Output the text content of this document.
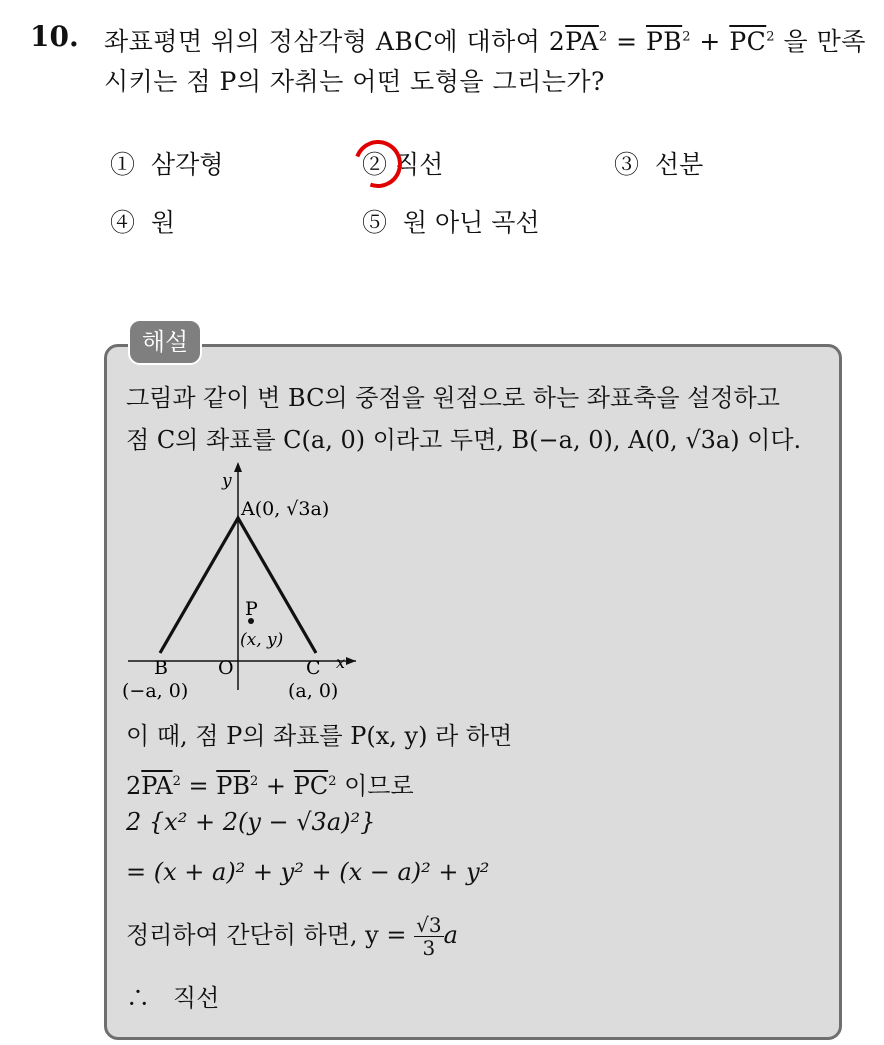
10. 좌표평면 위의 정삼각형 ABC에 대하여 $2\overline{PA}^2 = \overline{PB}^2 + \overline{PC}^2$ 을 만족
시키는 점 P의 자취는 어떤 도형을 그리는가?
① 삼각형	② 직선	③ 선분
④ 원	⑤ 원 아닌 곡선
해설
그림과 같이 변 BC의 중점을 원점으로 하는 좌표축을 설정하고
점 C의 좌표를 C(a, 0) 이라고 두면, B(−a, 0), A(0, √3a) 이다.
y
x
A(0, √3a)
P
(x, y)
B	O	C
(−a, 0)	(a, 0)
이 때, 점 P의 좌표를 P(x, y) 라 하면
$2\overline{PA}^2 = \overline{PB}^2 + \overline{PC}^2$ 이므로
2 {x² + 2(y − √3a)²}
= (x + a)² + y² + (x − a)² + y²
정리하여 간단히 하면, $y = \frac{√3}{3}$ a
∴ 직선
